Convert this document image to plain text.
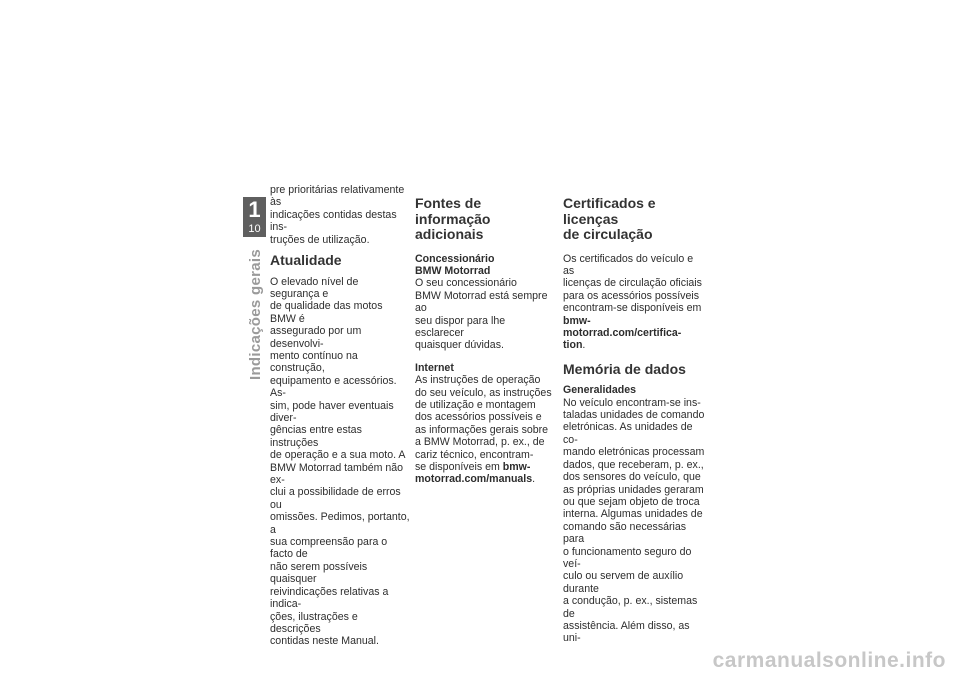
1
10
Indicações gerais

pre prioritárias relativamente às
indicações contidas destas ins-
truções de utilização.

Atualidade

O elevado nível de segurança e
de qualidade das motos BMW é
assegurado por um desenvolvi-
mento contínuo na construção,
equipamento e acessórios. As-
sim, pode haver eventuais diver-
gências entre estas instruções
de operação e a sua moto. A
BMW Motorrad também não ex-
clui a possibilidade de erros ou
omissões. Pedimos, portanto, a
sua compreensão para o facto de
não serem possíveis quaisquer
reivindicações relativas a indica-
ções, ilustrações e descrições
contidas neste Manual.

Fontes de informação
adicionais
Concessionário
BMW Motorrad

O seu concessionário
BMW Motorrad está sempre ao
seu dispor para lhe esclarecer
quaisquer dúvidas.

Internet

As instruções de operação
do seu veículo, as instruções
de utilização e montagem
dos acessórios possíveis e
as informações gerais sobre
a BMW Motorrad, p. ex., de
cariz técnico, encontram-
se disponíveis em bmw-
motorrad.com/manuals.

Certificados e licenças
de circulação

Os certificados do veículo e as
licenças de circulação oficiais
para os acessórios possíveis
encontram-se disponíveis em
bmw-motorrad.com/certifica-
tion.

Memória de dados
Generalidades

No veículo encontram-se ins-
taladas unidades de comando
eletrónicas. As unidades de co-
mando eletrónicas processam
dados, que receberam, p. ex.,
dos sensores do veículo, que
as próprias unidades geraram
ou que sejam objeto de troca
interna. Algumas unidades de
comando são necessárias para
o funcionamento seguro do veí-
culo ou servem de auxílio durante
a condução, p. ex., sistemas de
assistência. Além disso, as uni-

carmanualsonline.info
